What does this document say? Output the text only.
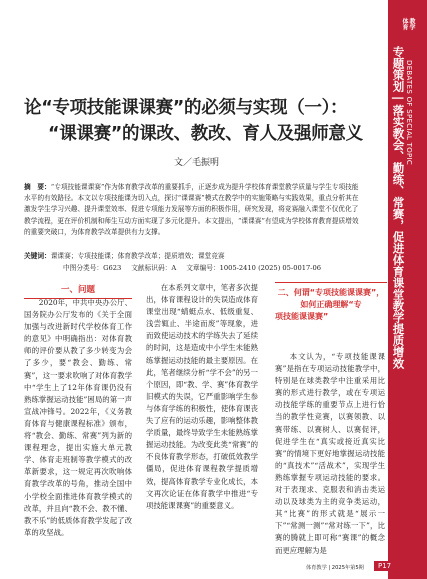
体育 教学
专题策划 | 落实教会、勤练、常赛，促进体育课堂教学提质增效 DEBATES OF SPECIAL TOPIC
论“专项技能课课赛”的必须与实现（一）：
“课课赛”的课改、教改、育人及强师意义
文／毛振明
摘　要：“专项技能课课赛”作为体育教学改革的重要抓手，正逐步成为提升学校体育课堂教学质量与学生专项技能水平的有效路径。本文以专项技能课为切入点，探讨“课课赛”模式在教学中的实施策略与实践效果，重点分析其在激发学生学习兴趣、提升课堂效率、促进专项能力发展等方面的积极作用，研究发现，将竞赛融入课堂不仅优化了教学流程，更在评价机制和师生互动方面实现了多元化提升。本文提出，“课课赛”有望成为学校体育教育提质增效的重要突破口，为体育教学改革提供有力支撑。
关键词：课课赛；专项技能课；体育教学改革；提质增效；课堂竞赛
中图分类号：G623 文献标识码：A 文章编号：1005-2410 (2025) 05-0017-06
一、问题

2020年，中共中央办公厅、国务院办公厅发布的《关于全面加强与改进新时代学校体育工作的意见》中明确指出：对体育教师的评价要从教了多少转变为会了多少，要“教会、勤练、常赛”，这一要求吹响了对体育教学中“学生上了12年体育课仍没有熟练掌握运动技能”困局的第一声宣战冲锋号。2022年，《义务教育体育与健康课程标准》颁布，将“教会、勤练、常赛”列为新的课程理念，提出实施大单元教学、体育走班制等教学模式的改革新要求，这一规定再次吹响体育教学改革的号角，推动全国中小学校全面推进体育教学模式的改革，并且向“教不会、教不懂、教不乐”的低质体育教学发起了改革的攻坚战。

在本系列文章中，笔者多次提出，体育课程设计的失误造成体育课堂出现“蜻蜓点水、低级重复、浅尝辄止、半途而废”等现象，进而致使运动技术的学练失去了延续的时间，这是造成中小学生未能熟练掌握运动技能的最主要原因。在此，笔者继续分析“学不会”的另一个原因，即“教、学、赛”体育教学旧模式的失误，它严重影响学生参与体育学练的积极性，使体育课丧失了应有的运动乐趣，影响整体教学质量，最终导致学生未能熟练掌握运动技能。为改变此类“常赛”的不良体育教学形态，打破低效教学僵局，促进体育课程教学提质增效，提高体育教学专业化成长，本文再次论证在体育教学中推进“专项技能课课赛”的重要意义。

二、何谓“专项技能课课赛”，如何正确理解“专
项技能课课赛”

本文认为，“专项技能课课赛”是指在专项运动技能教学中，特别是在球类教学中注重采用比赛的形式进行教学，或在专项运动技能学练的重要节点上进行恰当的教学性竞赛，以赛领教、以赛带练、以赛树人、以赛促评，促进学生在“真实或接近真实比赛”的情境下更好地掌握运动技能的“真技术”“活战术”，实现学生熟练掌握专项运动技能的要求。对于表现求、克服表和消击类运动以及球类为主的竞争类运动，其“比赛”的形式就是“展示一下”“常测一测”“常对练一下”，比赛的腾就上即可称“赛课”的概念而更应理解为是

体育教学 | 2025年第5期	P17
